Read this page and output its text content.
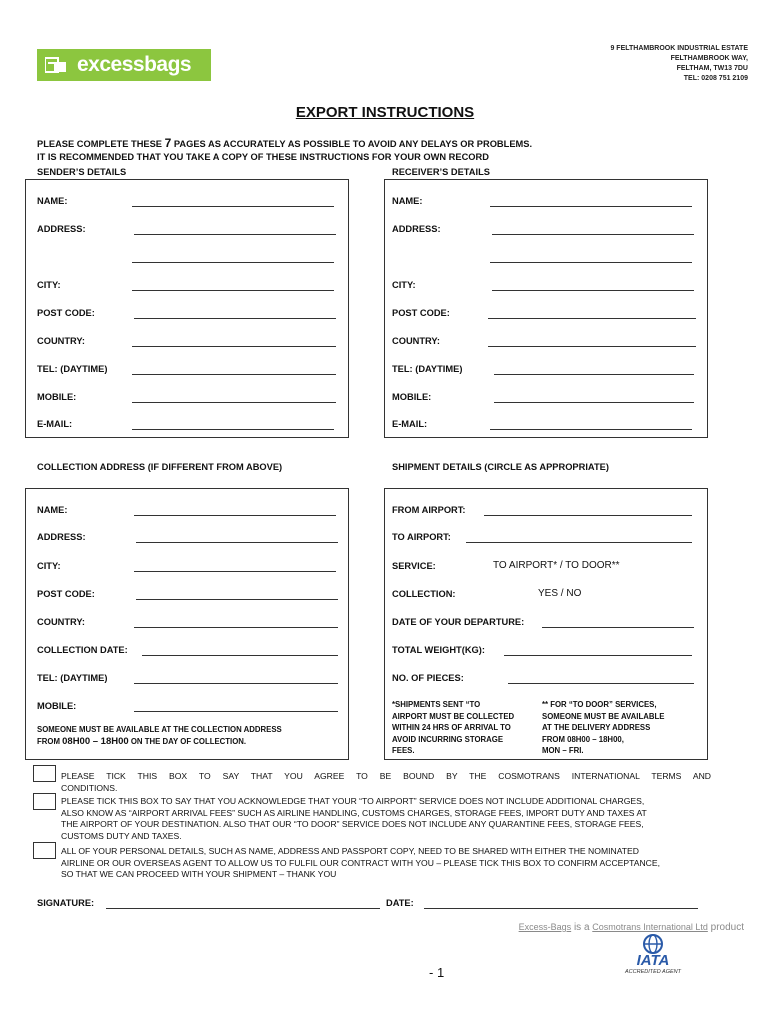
excessbags
9 FELTHAMBROOK INDUSTRIAL ESTATE
FELTHAMBROOK WAY,
FELTHAM, TW13 7DU
TEL: 0208 751 2109
EXPORT INSTRUCTIONS
PLEASE COMPLETE THESE 7 PAGES AS ACCURATELY AS POSSIBLE TO AVOID ANY DELAYS OR PROBLEMS.
IT IS RECOMMENDED THAT YOU TAKE A COPY OF THESE INSTRUCTIONS FOR YOUR OWN RECORD
SENDER’S DETAILS	RECEIVER’S DETAILS
NAME:
ADDRESS:
CITY:
POST CODE:
COUNTRY:
TEL: (DAYTIME)
MOBILE:
E-MAIL:
NAME:
ADDRESS:
CITY:
POST CODE:
COUNTRY:
TEL: (DAYTIME)
MOBILE:
E-MAIL:
COLLECTION ADDRESS (IF DIFFERENT FROM ABOVE)	SHIPMENT DETAILS (CIRCLE AS APPROPRIATE)
NAME:
ADDRESS:
CITY:
POST CODE:
COUNTRY:
COLLECTION DATE:
TEL: (DAYTIME)
MOBILE:
SOMEONE MUST BE AVAILABLE AT THE COLLECTION ADDRESS
FROM 08H00 – 18H00 ON THE DAY OF COLLECTION.
FROM AIRPORT:
TO AIRPORT:
SERVICE:	TO AIRPORT* / TO DOOR**
COLLECTION:	YES / NO
DATE OF YOUR DEPARTURE:
TOTAL WEIGHT(KG):
NO. OF PIECES:
*SHIPMENTS SENT “TO
AIRPORT MUST BE COLLECTED
WITHIN 24 HRS OF ARRIVAL TO
AVOID INCURRING STORAGE
FEES.
** FOR “TO DOOR” SERVICES,
SOMEONE MUST BE AVAILABLE
AT THE DELIVERY ADDRESS
FROM 08H00 – 18H00,
MON – FRI.
PLEASE TICK THIS BOX TO SAY THAT YOU AGREE TO BE BOUND BY THE COSMOTRANS INTERNATIONAL TERMS AND
CONDITIONS.
PLEASE TICK THIS BOX TO SAY THAT YOU ACKNOWLEDGE THAT YOUR “TO AIRPORT” SERVICE DOES NOT INCLUDE ADDITIONAL CHARGES,
ALSO KNOW AS “AIRPORT ARRIVAL FEES” SUCH AS AIRLINE HANDLING, CUSTOMS CHARGES, STORAGE FEES, IMPORT DUTY AND TAXES AT
THE AIRPORT OF YOUR DESTINATION. ALSO THAT OUR “TO DOOR” SERVICE DOES NOT INCLUDE ANY QUARANTINE FEES, STORAGE FEES,
CUSTOMS DUTY AND TAXES.
ALL OF YOUR PERSONAL DETAILS, SUCH AS NAME, ADDRESS AND PASSPORT COPY, NEED TO BE SHARED WITH EITHER THE NOMINATED
AIRLINE OR OUR OVERSEAS AGENT TO ALLOW US TO FULFIL OUR CONTRACT WITH YOU – PLEASE TICK THIS BOX TO CONFIRM ACCEPTANCE,
SO THAT WE CAN PROCEED WITH YOUR SHIPMENT – THANK YOU
SIGNATURE:	DATE:
Excess-Bags is a Cosmotrans International Ltd product
IATA
ACCREDITED AGENT
- 1
